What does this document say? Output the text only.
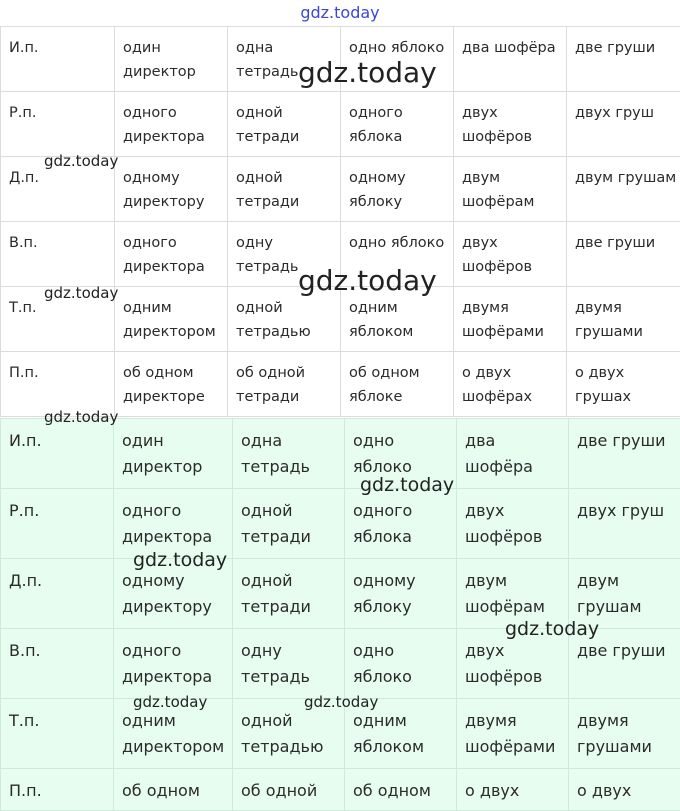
gdz.today
И.п.	один директор	одна тетрадь	одно яблоко	два шофёра	две груши

Р.п.	одного директора	одной тетради	одного яблока	двух шофёров	двух груш

Д.п.	одному директору	одной тетради	одному яблоку	двум шофёрам	двум грушам

В.п.	одного директора	одну тетрадь	одно яблоко	двух шофёров	две груши

Т.п.	одним директором	одной тетрадью	одним яблоком	двумя шофёрами	двумя грушами

П.п.	об одном директоре	об одной тетради	об одном яблоке	о двух шофёрах	о двух грушах
И.п.	один директор	одна тетрадь	одно яблоко	два шофёра	две груши

Р.п.	одного директора	одной тетради	одного яблока	двух шофёров	двух груш

Д.п.	одному директору	одной тетради	одному яблоку	двум шофёрам	двум грушам

В.п.	одного директора	одну тетрадь	одно яблоко	двух шофёров	две груши

Т.п.	одним директором	одной тетрадью	одним яблоком	двумя шофёрами	двумя грушами

П.п.	об одном	об одной	об одном	о двух	о двух
gdz.today
gdz.today
gdz.today
gdz.today
gdz.today
gdz.today
gdz.today
gdz.today
gdz.today	gdz.today
